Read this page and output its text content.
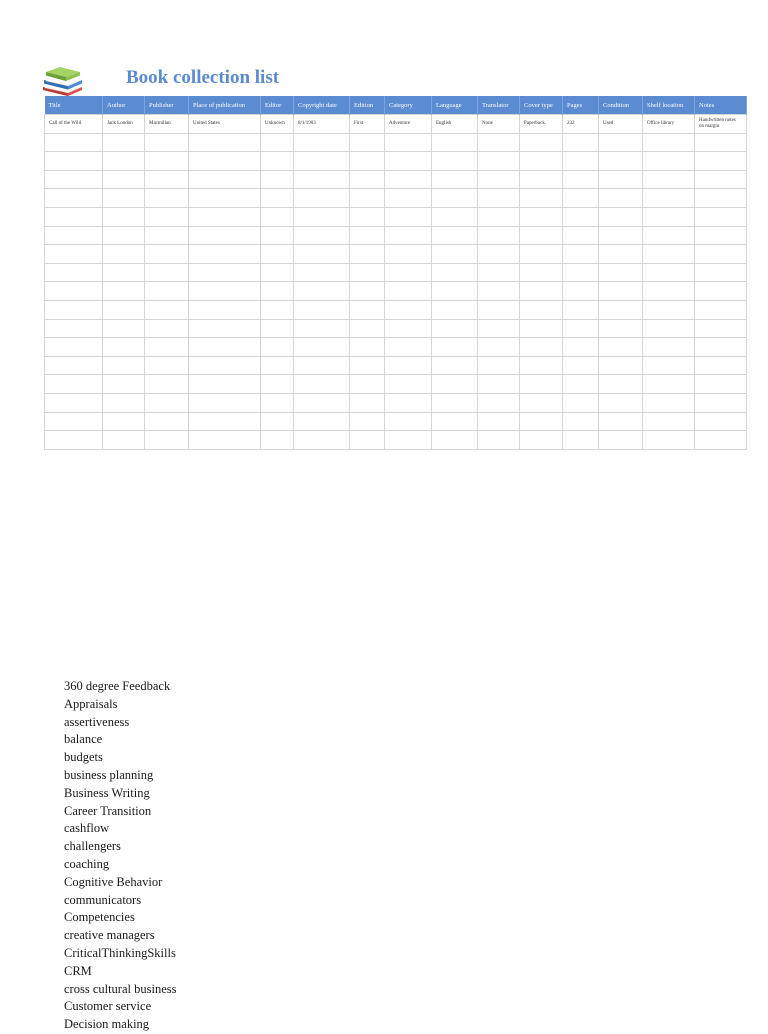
Book collection list
Title	Author	Publisher	Place of publication	Editor	Copyright date	Edition	Category	Language	Translator	Cover type	Pages	Condition	Shelf location	Notes
Call of the Wild	Jack London	Macmillan	United States	Unknown	8/1/1903	First	Adventure	English	None	Paperback	232	Used	Office library	Handwritten notes on margin

360 degree Feedback
Appraisals
assertiveness
balance
budgets
business planning
Business Writing
Career Transition
cashflow
challengers
coaching
Cognitive Behavior
communicators
Competencies
creative managers
CriticalThinkingSkills
CRM
cross cultural business
Customer service
Decision making
